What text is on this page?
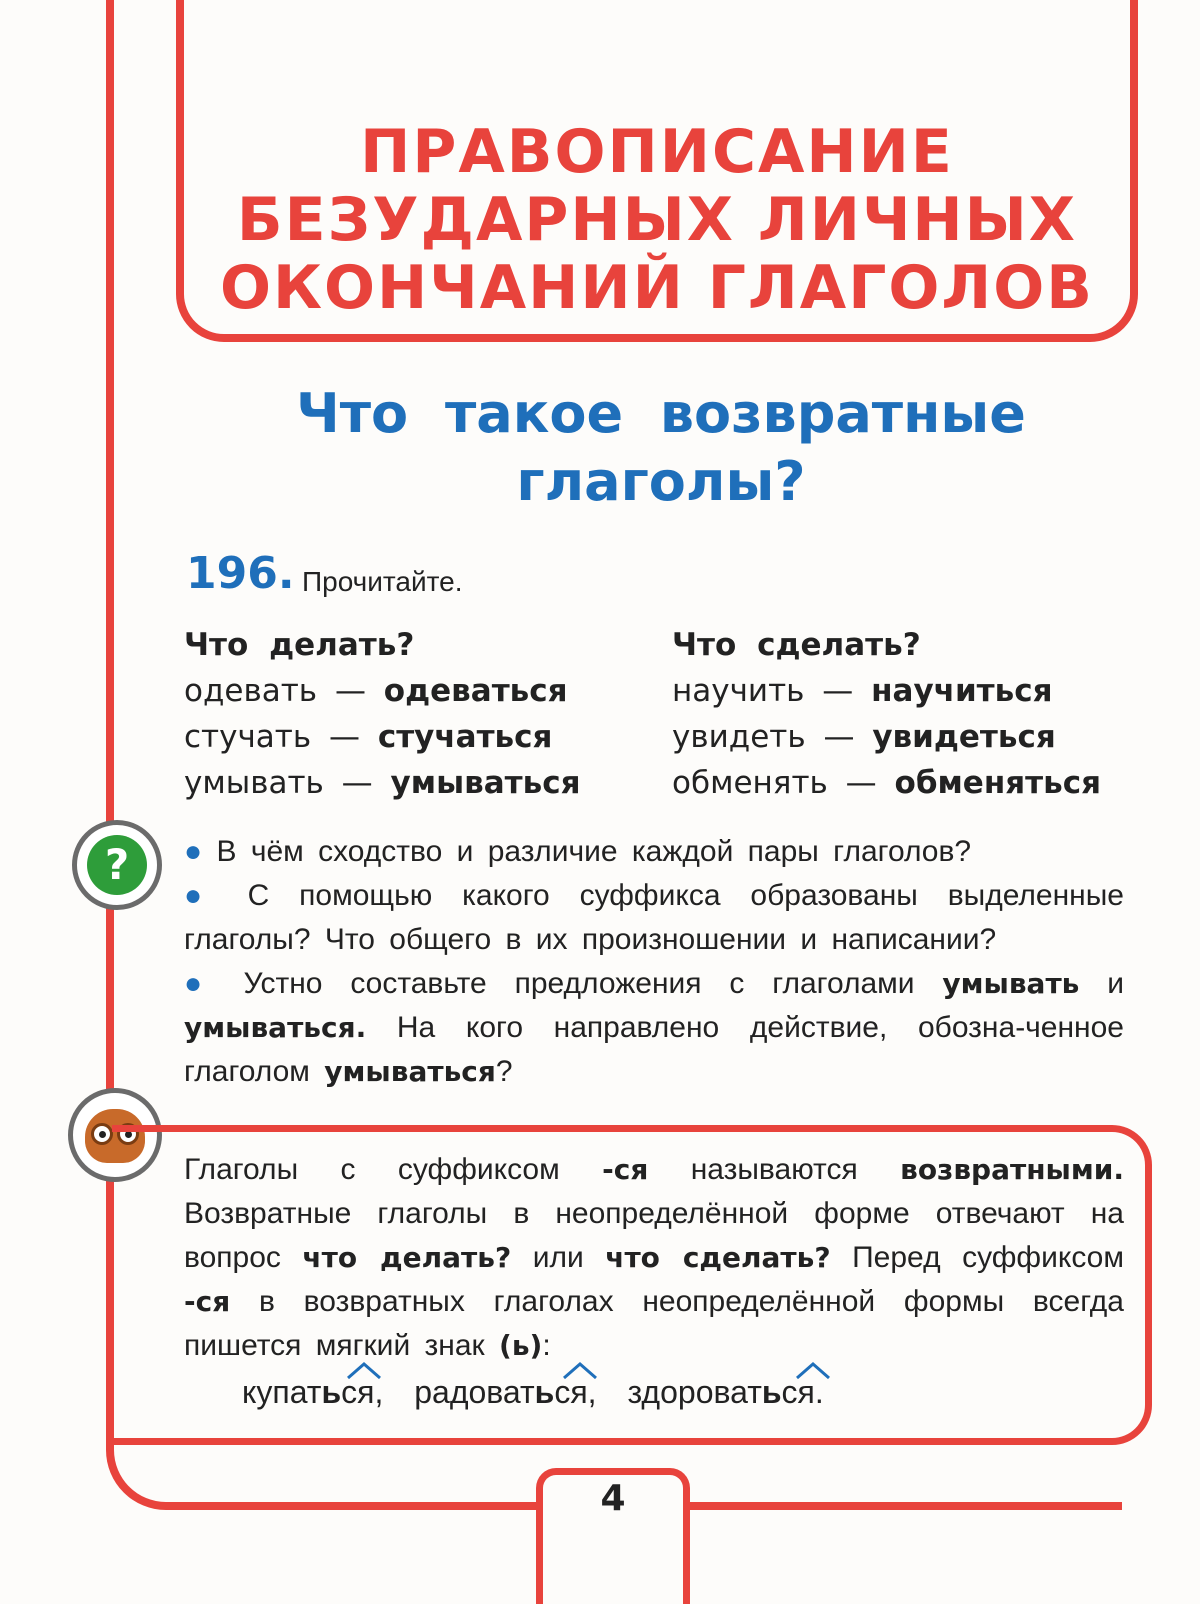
ПРАВОПИСАНИЕ
БЕЗУДАРНЫХ ЛИЧНЫХ
ОКОНЧАНИЙ ГЛАГОЛОВ
Что такое возвратные
глаголы?
196. Прочитайте.
Что делать?
одевать — одеваться
стучать — стучаться
умывать — умываться
Что сделать?
научить — научиться
увидеть — увидеться
обменять — обменяться
?	● В чём сходство и различие каждой пары глаголов?
● С помощью какого суффикса образованы выделенные глаголы? Что общего в их произношении и написании?
● Устно составьте предложения с глаголами умывать и умываться. На кого направлено действие, обозна-ченное глаголом умываться?
Глаголы с суффиксом -ся называются возвратными. Возвратные глаголы в неопределённой форме отвечают на вопрос что делать? или что сделать? Перед суффиксом -ся в возвратных глаголах неопределённой формы всегда пишется мягкий знак (ь):
купаться, радоваться, здороваться.
4
